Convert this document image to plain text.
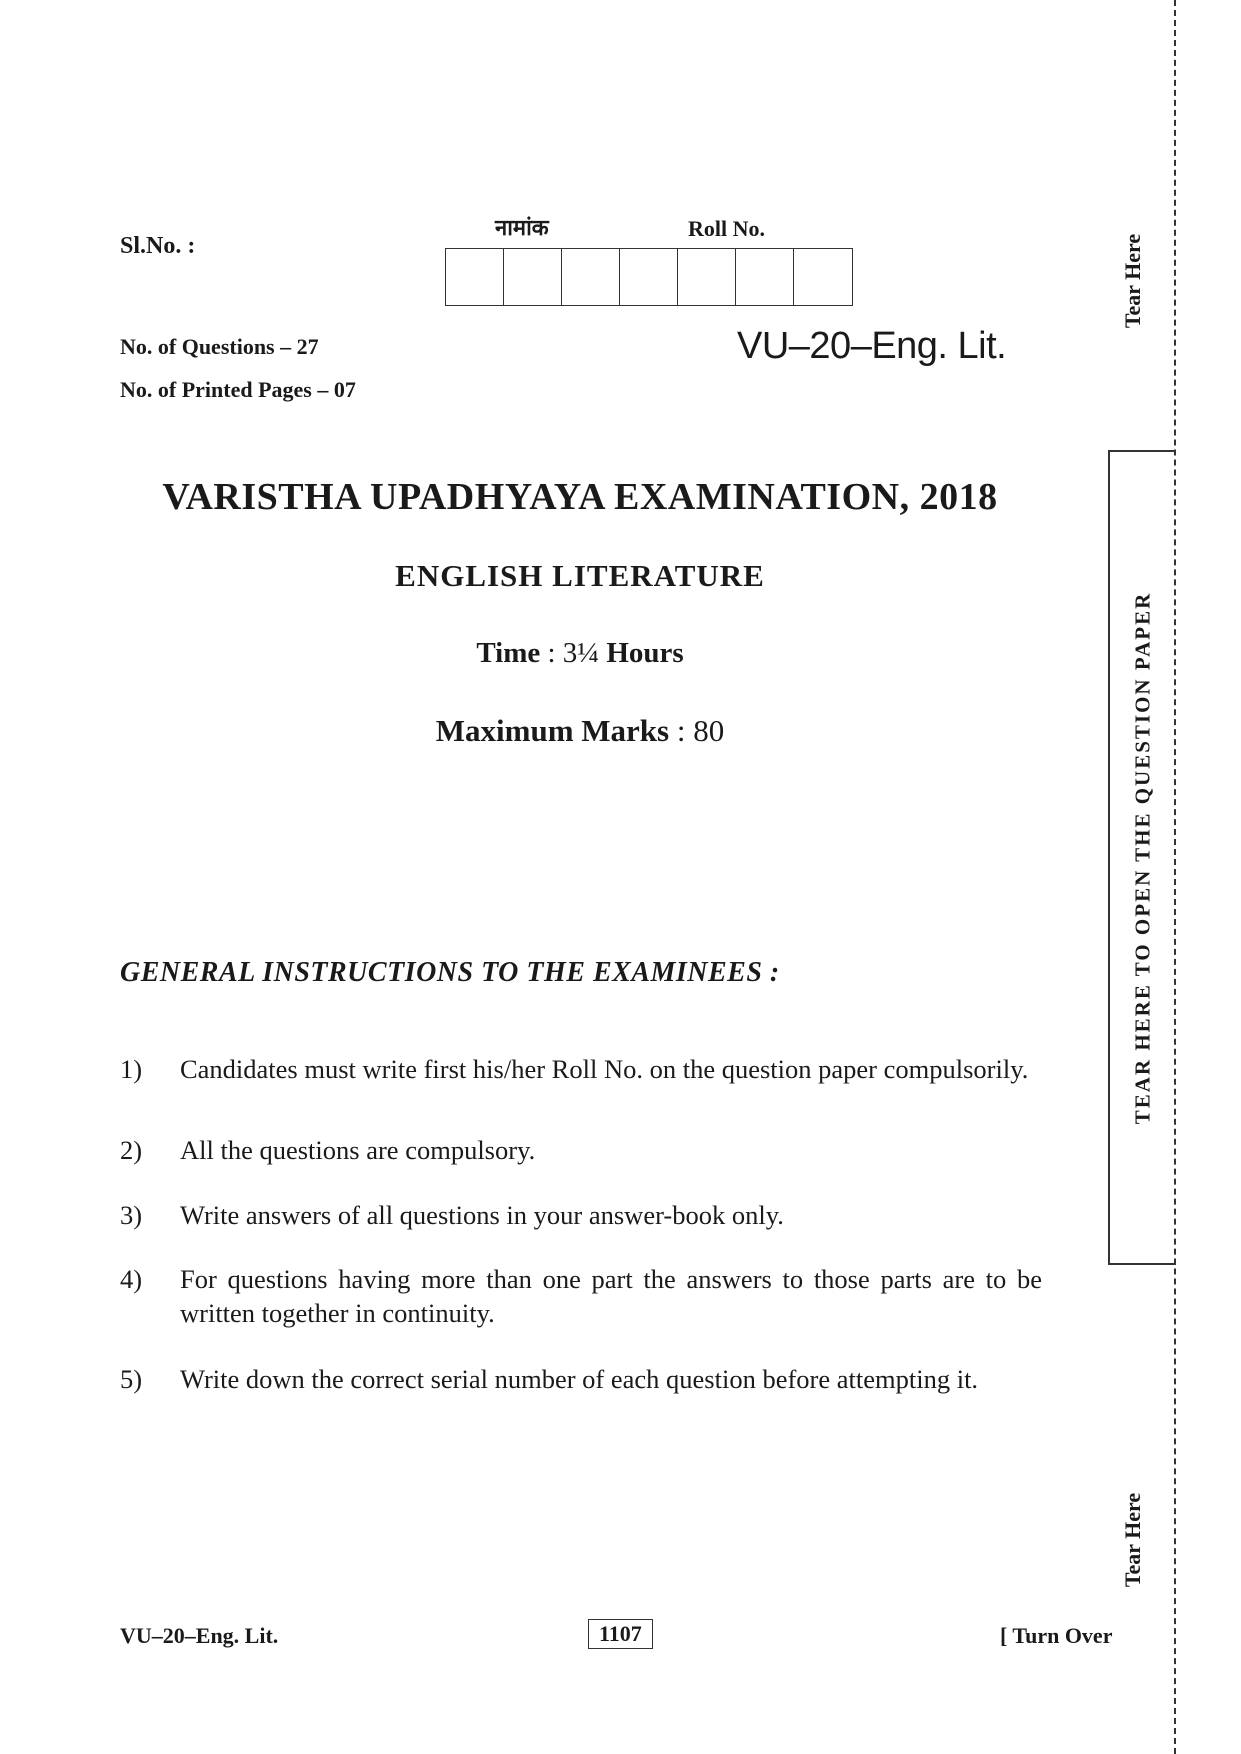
Sl.No. :
नामांक	Roll No.
No. of Questions – 27
No. of Printed Pages – 07
VU–20–Eng. Lit.
VARISTHA UPADHYAYA EXAMINATION, 2018
ENGLISH LITERATURE
Time : 3¼ Hours
Maximum Marks : 80
GENERAL INSTRUCTIONS TO THE EXAMINEES :
1)	Candidates must write first his/her Roll No. on the question paper compulsorily.
2)	All the questions are compulsory.
3)	Write answers of all questions in your answer-book only.
4)	For questions having more than one part the answers to those parts are to be written together in continuity.
5)	Write down the correct serial number of each question before attempting it.
Tear Here
TEAR HERE TO OPEN THE QUESTION PAPER
Tear Here
VU–20–Eng. Lit.	1107	[ Turn Over
